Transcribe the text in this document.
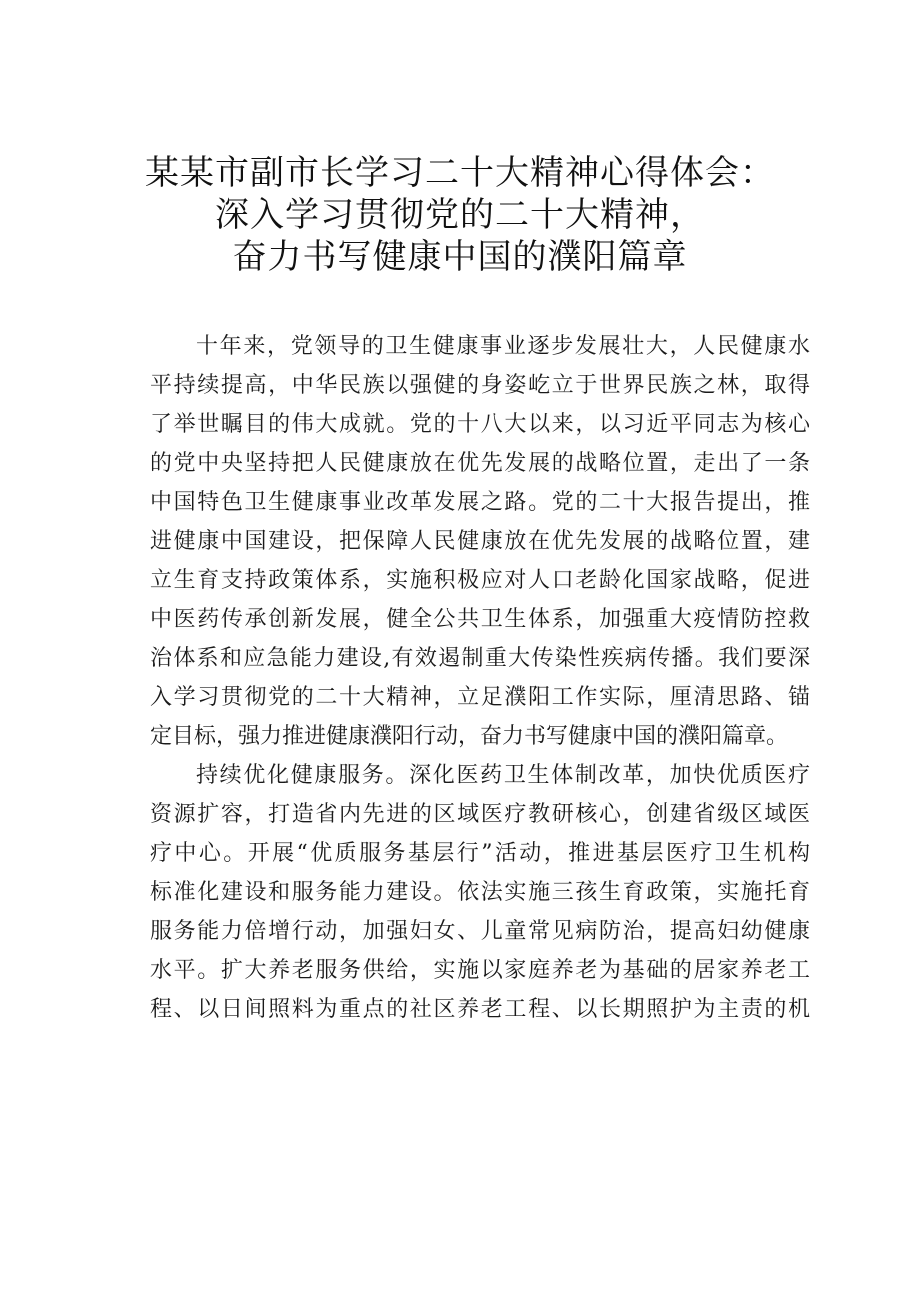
某某市副市长学习二十大精神心得体会：
深入学习贯彻党的二十大精神，
奋力书写健康中国的濮阳篇章
十年来，党领导的卫生健康事业逐步发展壮大，人民健康水
平持续提高，中华民族以强健的身姿屹立于世界民族之林，取得
了举世瞩目的伟大成就。党的十八大以来，以习近平同志为核心
的党中央坚持把人民健康放在优先发展的战略位置，走出了一条
中国特色卫生健康事业改革发展之路。党的二十大报告提出，推
进健康中国建设，把保障人民健康放在优先发展的战略位置，建
立生育支持政策体系，实施积极应对人口老龄化国家战略，促进
中医药传承创新发展，健全公共卫生体系，加强重大疫情防控救
治体系和应急能力建设,有效遏制重大传染性疾病传播。我们要深
入学习贯彻党的二十大精神，立足濮阳工作实际，厘清思路、锚
定目标，强力推进健康濮阳行动，奋力书写健康中国的濮阳篇章。
持续优化健康服务。深化医药卫生体制改革，加快优质医疗
资源扩容，打造省内先进的区域医疗教研核心，创建省级区域医
疗中心。开展“优质服务基层行”活动，推进基层医疗卫生机构
标准化建设和服务能力建设。依法实施三孩生育政策，实施托育
服务能力倍增行动，加强妇女、儿童常见病防治，提高妇幼健康
水平。扩大养老服务供给，实施以家庭养老为基础的居家养老工
程、以日间照料为重点的社区养老工程、以长期照护为主责的机
